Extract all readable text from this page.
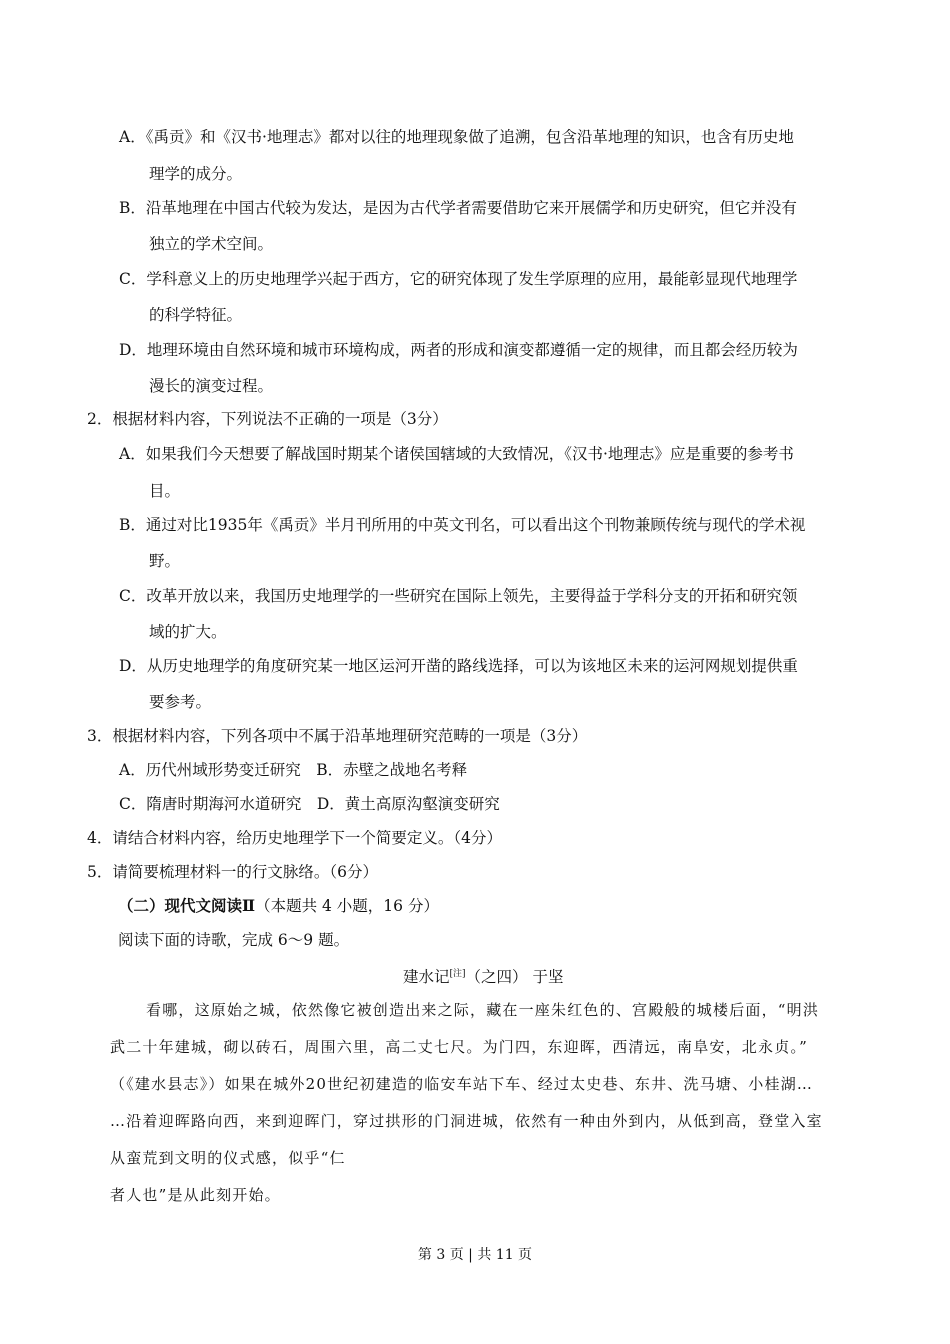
A．《禹贡》和《汉书·地理志》都对以往的地理现象做了追溯，包含沿革地理的知识，也含有历史地
理学的成分。
B．沿革地理在中国古代较为发达，是因为古代学者需要借助它来开展儒学和历史研究，但它并没有
独立的学术空间。
C．学科意义上的历史地理学兴起于西方，它的研究体现了发生学原理的应用，最能彰显现代地理学
的科学特征。
D．地理环境由自然环境和城市环境构成，两者的形成和演变都遵循一定的规律，而且都会经历较为
漫长的演变过程。
2．根据材料内容，下列说法不正确的一项是（3分）
A．如果我们今天想要了解战国时期某个诸侯国辖域的大致情况，《汉书·地理志》应是重要的参考书
目。
B．通过对比1935年《禹贡》半月刊所用的中英文刊名，可以看出这个刊物兼顾传统与现代的学术视
野。
C．改革开放以来，我国历史地理学的一些研究在国际上领先，主要得益于学科分支的开拓和研究领
域的扩大。
D．从历史地理学的角度研究某一地区运河开凿的路线选择，可以为该地区未来的运河网规划提供重
要参考。
3．根据材料内容，下列各项中不属于沿革地理研究范畴的一项是（3分）
A．历代州域形势变迁研究　B．赤壁之战地名考释
C．隋唐时期海河水道研究　D．黄土高原沟壑演变研究
4．请结合材料内容，给历史地理学下一个简要定义。（4分）
5．请简要梳理材料一的行文脉络。（6分）
（二）现代文阅读Ⅱ（本题共 4 小题，16 分）
阅读下面的诗歌，完成 6～9 题。
建水记[注]（之四） 于坚
看哪，这原始之城，依然像它被创造出来之际，藏在一座朱红色的、宫殿般的城楼后面，“明洪
武二十年建城，砌以砖石，周围六里，高二丈七尺。为门四，东迎晖，西清远，南阜安，北永贞。”
（《建水县志》）如果在城外20世纪初建造的临安车站下车、经过太史巷、东井、洗马塘、小桂湖…
…沿着迎晖路向西，来到迎晖门，穿过拱形的门洞进城，依然有一种由外到内，从低到高，登堂入室
从蛮荒到文明的仪式感，似乎“仁
者人也”是从此刻开始。
第 3 页 | 共 11 页
